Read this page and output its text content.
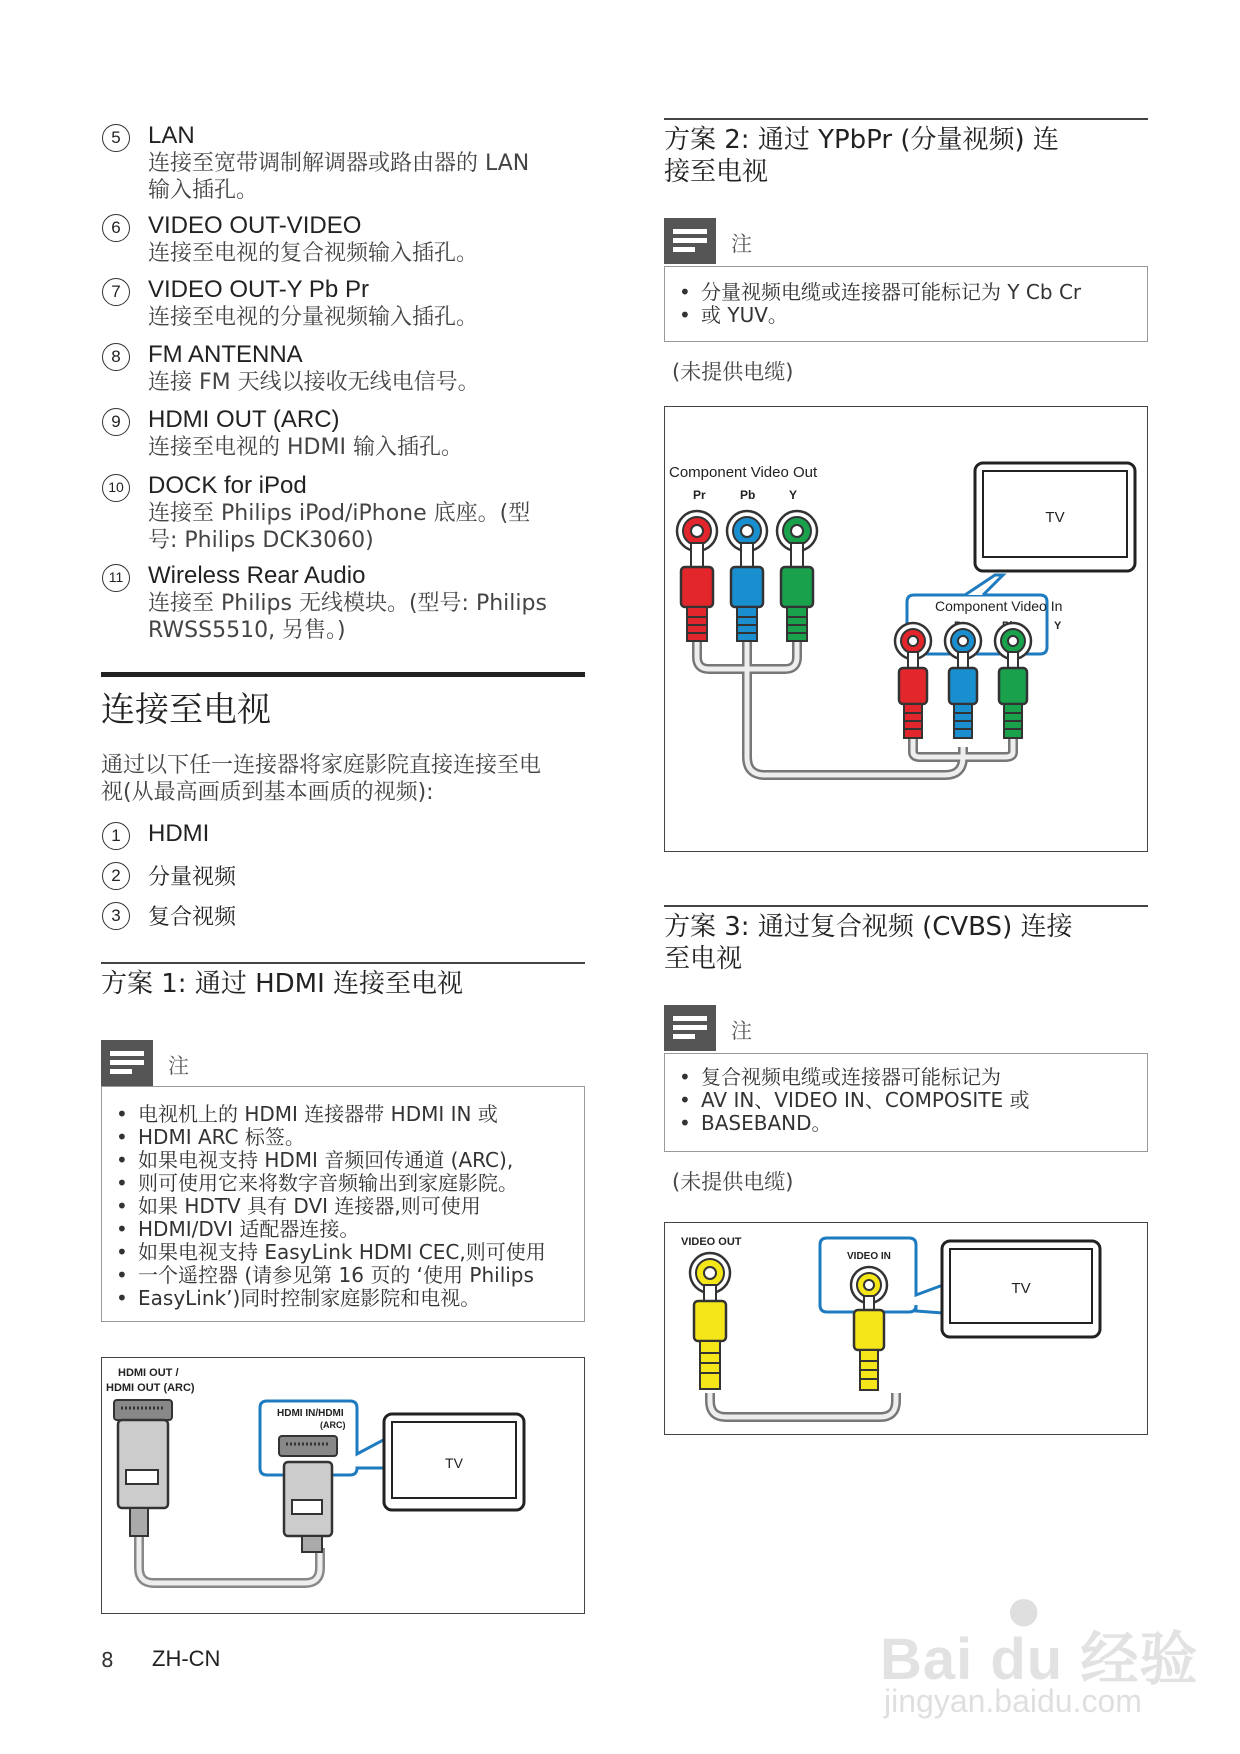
5	LAN
连接至宽带调制解调器或路由器的 LAN
输入插孔。
6	VIDEO OUT-VIDEO
连接至电视的复合视频输入插孔。
7	VIDEO OUT-Y Pb Pr
连接至电视的分量视频输入插孔。
8	FM ANTENNA
连接 FM 天线以接收无线电信号。
9	HDMI OUT (ARC)
连接至电视的 HDMI 输入插孔。
10 DOCK for iPod
连接至 Philips iPod/iPhone 底座。(型
号: Philips DCK3060)
11 Wireless Rear Audio
连接至 Philips 无线模块。(型号: Philips
RWSS5510, 另售。)
连接至电视
通过以下任一连接器将家庭影院直接连接至电
视(从最高画质到基本画质的视频):
1	HDMI
2	分量视频
3	复合视频
方案 1: 通过 HDMI 连接至电视
注
• 电视机上的 HDMI 连接器带 HDMI IN 或
• HDMI ARC 标签。
• 如果电视支持 HDMI 音频回传通道 (ARC),
• 则可使用它来将数字音频输出到家庭影院。
• 如果 HDTV 具有 DVI 连接器,则可使用
• HDMI/DVI 适配器连接。
• 如果电视支持 EasyLink HDMI CEC,则可使用
• 一个遥控器 (请参见第 16 页的 ‘使用 Philips
• EasyLink’)同时控制家庭影院和电视。
HDMI OUT /
HDMI OUT (ARC)
HDMI IN/HDMI
(ARC)
TV
8 ZH-CN
方案 2: 通过 YPbPr (分量视频) 连
接至电视
注
• 分量视频电缆或连接器可能标记为 Y Cb Cr
• 或 YUV。
(未提供电缆)
Component Video Out
Pr	Pb	Y
TV
Component Video In
Y
方案 3: 通过复合视频 (CVBS) 连接
至电视
注
• 复合视频电缆或连接器可能标记为
• AV IN、VIDEO IN、COMPOSITE 或
• BASEBAND。
(未提供电缆)
VIDEO OUT
VIDEO IN
TV
Bai du 经验
●
jingyan.baidu.com
